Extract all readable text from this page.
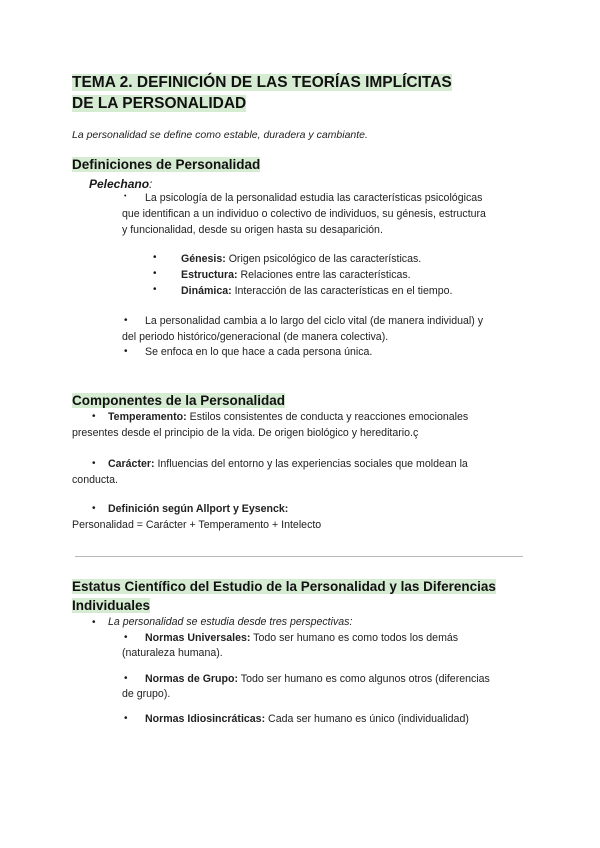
TEMA 2. DEFINICIÓN DE LAS TEORÍAS IMPLÍCITAS
DE LA PERSONALIDAD
La personalidad se define como estable, duradera y cambiante.
Definiciones de Personalidad
Pelechano:
• La psicología de la personalidad estudia las características psicológicas
que identifican a un individuo o colectivo de individuos, su génesis, estructura
y funcionalidad, desde su origen hasta su desaparición.
• Génesis: Origen psicológico de las características.
• Estructura: Relaciones entre las características.
• Dinámica: Interacción de las características en el tiempo.
• La personalidad cambia a lo largo del ciclo vital (de manera individual) y
del periodo histórico/generacional (de manera colectiva).
• Se enfoca en lo que hace a cada persona única.
Componentes de la Personalidad
• Temperamento: Estilos consistentes de conducta y reacciones emocionales
presentes desde el principio de la vida. De origen biológico y hereditario.ç
• Carácter: Influencias del entorno y las experiencias sociales que moldean la
conducta.
• Definición según Allport y Eysenck:
Personalidad = Carácter + Temperamento + Intelecto
Estatus Científico del Estudio de la Personalidad y las Diferencias
Individuales
• La personalidad se estudia desde tres perspectivas:
• Normas Universales: Todo ser humano es como todos los demás
(naturaleza humana).
• Normas de Grupo: Todo ser humano es como algunos otros (diferencias
de grupo).
• Normas Idiosincráticas: Cada ser humano es único (individualidad)
